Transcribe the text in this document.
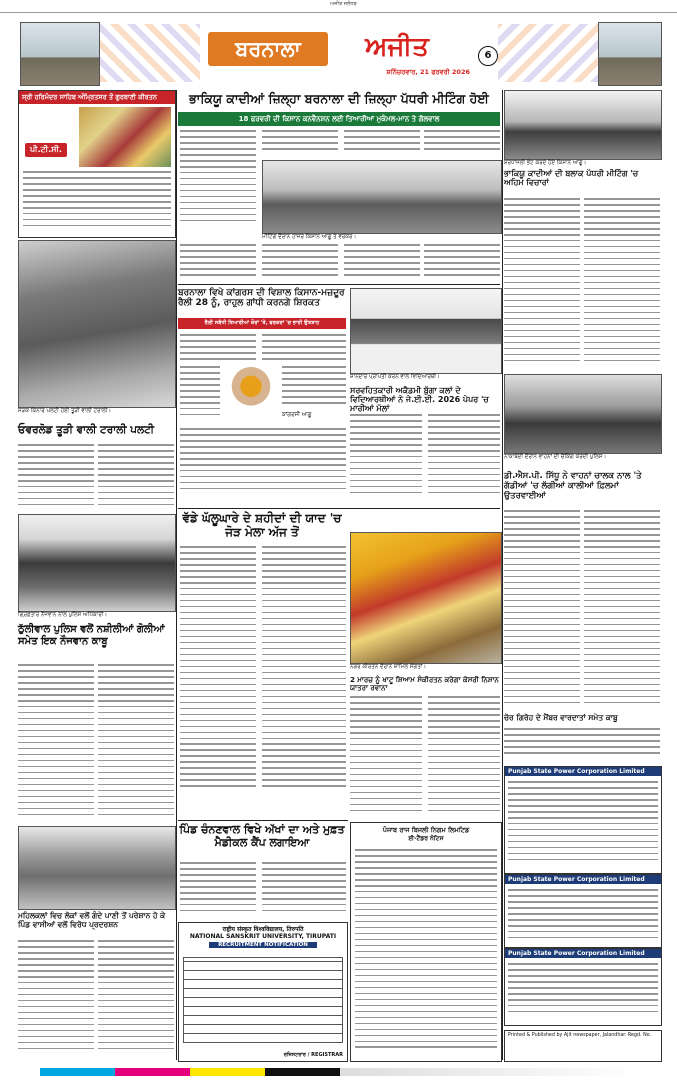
ਅਜੀਤ ਜਲੰਧਰ
ਬਰਨਾਲਾ	ਅਜੀਤ
ਸ਼ਨਿੱਚਰਵਾਰ, 21 ਫਰਵਰੀ 2026
6
ਸ੍ਰੀ ਹਰਿਮੰਦਰ ਸਾਹਿਬ ਅੰਮ੍ਰਿਤਸਰ ਤੋਂ ਗੁਰਬਾਣੀ ਕੀਰਤਨ
ਪੀ.ਟੀ.ਸੀ.
ਭਾਕਿਯੂ ਕਾਦੀਆਂ ਜ਼ਿਲ੍ਹਾ ਬਰਨਾਲਾ ਦੀ ਜ਼ਿਲ੍ਹਾ ਪੱਧਰੀ ਮੀਟਿੰਗ ਹੋਈ
18 ਫਰਵਰੀ ਦੀ ਕਿਸਾਨ ਕਨਵੈਨਸ਼ਨ ਲਈ ਤਿਆਰੀਆਂ ਮੁਕੰਮਲ-ਮਾਨ ਤੇ ਗੋਲਵਾਲ
ਮੀਟਿੰਗ ਦੌਰਾਨ ਹਾਜ਼ਰ ਕਿਸਾਨ ਆਗੂ ਤੇ ਵਰਕਰ।
ਸ਼ਰਧਾਂਜਲੀ ਭੇਟ ਕਰਦੇ ਹੋਏ ਕਿਸਾਨ ਆਗੂ।
ਭਾਕਿਯੂ ਕਾਦੀਆਂ ਦੀ ਬਲਾਕ ਪੱਧਰੀ ਮੀਟਿੰਗ 'ਚ ਅਹਿਮ ਵਿਚਾਰਾਂ
ਸੜਕ ਕਿਨਾਰੇ ਪਲਟੀ ਹੋਈ ਤੂੜੀ ਵਾਲੀ ਟਰਾਲੀ।
ਓਵਰਲੋਡ ਤੂੜੀ ਵਾਲੀ ਟਰਾਲੀ ਪਲਟੀ
ਬਰਨਾਲਾ ਵਿਖੇ ਕਾਂਗਰਸ ਦੀ ਵਿਸ਼ਾਲ ਕਿਸਾਨ-ਮਜ਼ਦੂਰ ਰੈਲੀ 28 ਨੂੰ, ਰਾਹੁਲ ਗਾਂਧੀ ਕਰਨਗੇ ਸ਼ਿਰਕਤ
ਰੈਲੀ ਸਬੰਧੀ ਤਿਆਰੀਆਂ ਜ਼ੋਰਾਂ 'ਤੇ, ਵਰਕਰਾਂ 'ਚ ਭਾਰੀ ਉਤਸ਼ਾਹ
ਕਾਂਗਰਸੀ ਆਗੂ
ਸ਼ਾਨਦਾਰ ਪ੍ਰਾਪਤੀ ਕਰਨ ਵਾਲੇ ਵਿਦਿਆਰਥੀ।
ਸਰਵਹਿਤਕਾਰੀ ਅਕੈਡਮੀ ਬੁੱਗਾ ਕਲਾਂ ਦੇ ਵਿਦਿਆਰਥੀਆਂ ਨੇ ਜੇ.ਈ.ਈ. 2026 ਪੇਪਰ 'ਚ ਮਾਰੀਆਂ ਮੱਲਾਂ
ਨਾਕਾਬੰਦੀ ਦੌਰਾਨ ਵਾਹਨਾਂ ਦੀ ਚੈਕਿੰਗ ਕਰਦੀ ਪੁਲਿਸ।
ਡੀ.ਐਸ.ਪੀ. ਸਿੱਧੂ ਨੇ ਵਾਹਨਾਂ ਚਾਲਕ ਨਾਲ 'ਤੇ ਗੱਡੀਆਂ 'ਚ ਲੱਗੀਆਂ ਕਾਲੀਆਂ ਫ਼ਿਲਮਾਂ ਉਤਰਵਾਈਆਂ
ਚੋਰ ਗਿਰੋਹ ਦੇ ਮੈਂਬਰ ਵਾਰਦਾਤਾਂ ਸਮੇਤ ਕਾਬੂ
ਗ੍ਰਿਫ਼ਤਾਰ ਨੌਜਵਾਨ ਨਾਲ ਪੁਲਿਸ ਅਧਿਕਾਰੀ।
ਠੁੱਲੀਵਾਲ ਪੁਲਿਸ ਵਲੋਂ ਨਸ਼ੀਲੀਆਂ ਗੋਲੀਆਂ ਸਮੇਤ ਇਕ ਨੌਜਵਾਨ ਕਾਬੂ
ਵੱਡੇ ਘੱਲੂਘਾਰੇ ਦੇ ਸ਼ਹੀਦਾਂ ਦੀ ਯਾਦ 'ਚ ਜੋੜ ਮੇਲਾ ਅੱਜ ਤੋਂ
ਨਗਰ ਕੀਰਤਨ ਦੌਰਾਨ ਸ਼ਾਮਿਲ ਸੰਗਤਾਂ।
2 ਮਾਰਚ ਨੂੰ ਖਾਟੂ ਸ਼ਿਆਮ ਸੰਕੀਰਤਨ ਕਰੇਗਾ ਕੇਸਰੀ ਨਿਸ਼ਾਨ ਯਾਤਰਾ ਰਵਾਨਾ
Punjab State Power Corporation Limited
Punjab State Power Corporation Limited
Punjab State Power Corporation Limited
ਪਿੰਡ ਚੰਨਣਵਾਲ ਵਿਖੇ ਅੱਖਾਂ ਦਾ ਅਤੇ ਮੁਫ਼ਤ ਮੈਡੀਕਲ ਕੈਂਪ ਲਗਾਇਆ
ਮਹਿਲਕਲਾਂ ਵਿਚ ਲੋਕਾਂ ਵਲੋਂ ਗੰਦੇ ਪਾਣੀ ਤੋਂ ਪਰੇਸ਼ਾਨ ਹੋ ਕੇ ਪਿੰਡ ਵਾਸੀਆਂ ਵਲੋਂ ਵਿਰੋਧ ਪ੍ਰਦਰਸ਼ਨ
राष्ट्रीय संस्कृत विश्वविद्यालय, तिरुपति
NATIONAL SANSKRIT UNIVERSITY, TIRUPATI
RECRUITMENT NOTIFICATION
ਰਜਿਸਟਰਾਰ / REGISTRAR
ਪੰਜਾਬ ਰਾਜ ਬਿਜਲੀ ਨਿਗਮ ਲਿਮਟਿਡ
ਈ-ਟੈਂਡਰ ਨੋਟਿਸ
Printed & Published by Ajit newspaper, Jalandhar. Regd. No.
